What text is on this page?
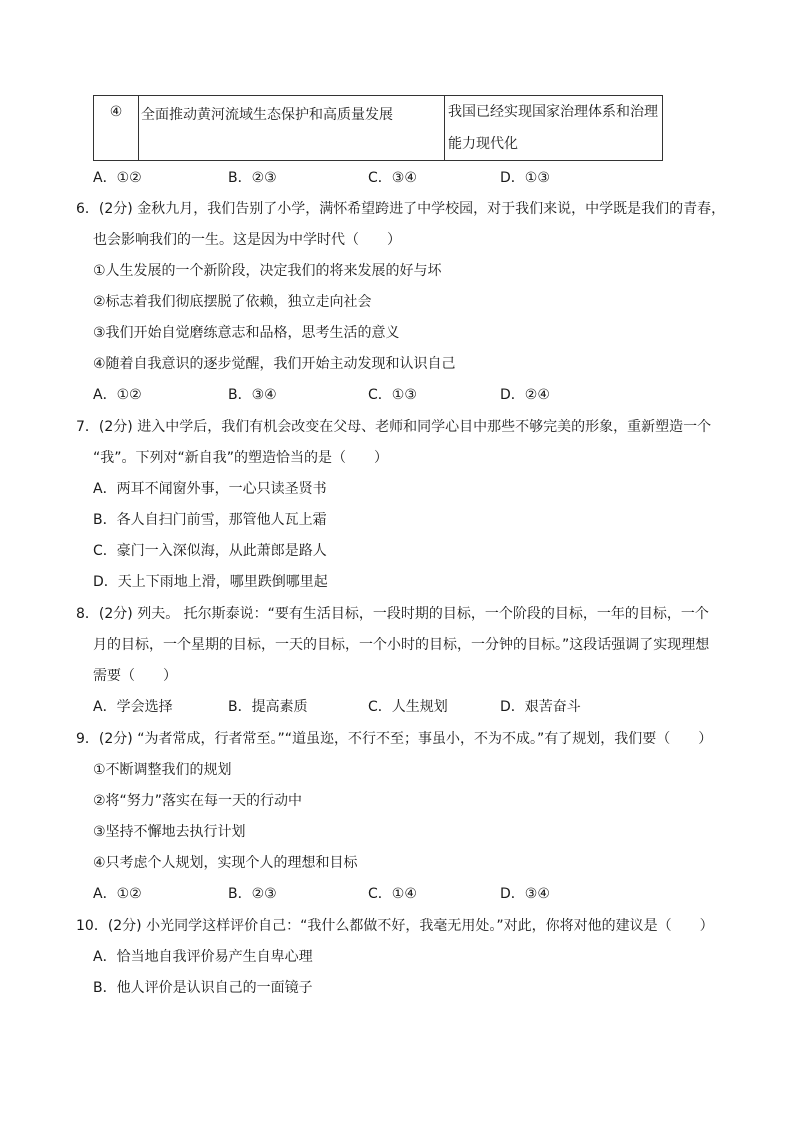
④	全面推动黄河流域生态保护和高质量发展	我国已经实现国家治理体系和治理
能力现代化
A．①②	B．②③	C．③④	D．①③
6．(2分) 金秋九月，我们告别了小学，满怀希望跨进了中学校园，对于我们来说，中学既是我们的青春，
也会影响我们的一生。这是因为中学时代（　　）
①人生发展的一个新阶段，决定我们的将来发展的好与坏
②标志着我们彻底摆脱了依赖，独立走向社会
③我们开始自觉磨练意志和品格，思考生活的意义
④随着自我意识的逐步觉醒，我们开始主动发现和认识自己
A．①②	B．③④	C．①③	D．②④
7．(2分) 进入中学后，我们有机会改变在父母、老师和同学心目中那些不够完美的形象，重新塑造一个
“我”。下列对“新自我”的塑造恰当的是（　　）
A．两耳不闻窗外事，一心只读圣贤书
B．各人自扫门前雪，那管他人瓦上霜
C．豪门一入深似海，从此萧郎是路人
D．天上下雨地上滑，哪里跌倒哪里起
8．(2分) 列夫。 托尔斯泰说：“要有生活目标，一段时期的目标，一个阶段的目标，一年的目标，一个
月的目标，一个星期的目标，一天的目标，一个小时的目标，一分钟的目标。”这段话强调了实现理想
需要（　　）
A．学会选择	B．提高素质	C．人生规划	D．艰苦奋斗
9．(2分) “为者常成，行者常至。”“道虽迩，不行不至；事虽小，不为不成。”有了规划，我们要（　　）
①不断调整我们的规划
②将“努力”落实在每一天的行动中
③坚持不懈地去执行计划
④只考虑个人规划，实现个人的理想和目标
A．①②	B．②③	C．①④	D．③④
10．(2分) 小光同学这样评价自己：“我什么都做不好，我毫无用处。”对此，你将对他的建议是（　　）
A．恰当地自我评价易产生自卑心理
B．他人评价是认识自己的一面镜子
